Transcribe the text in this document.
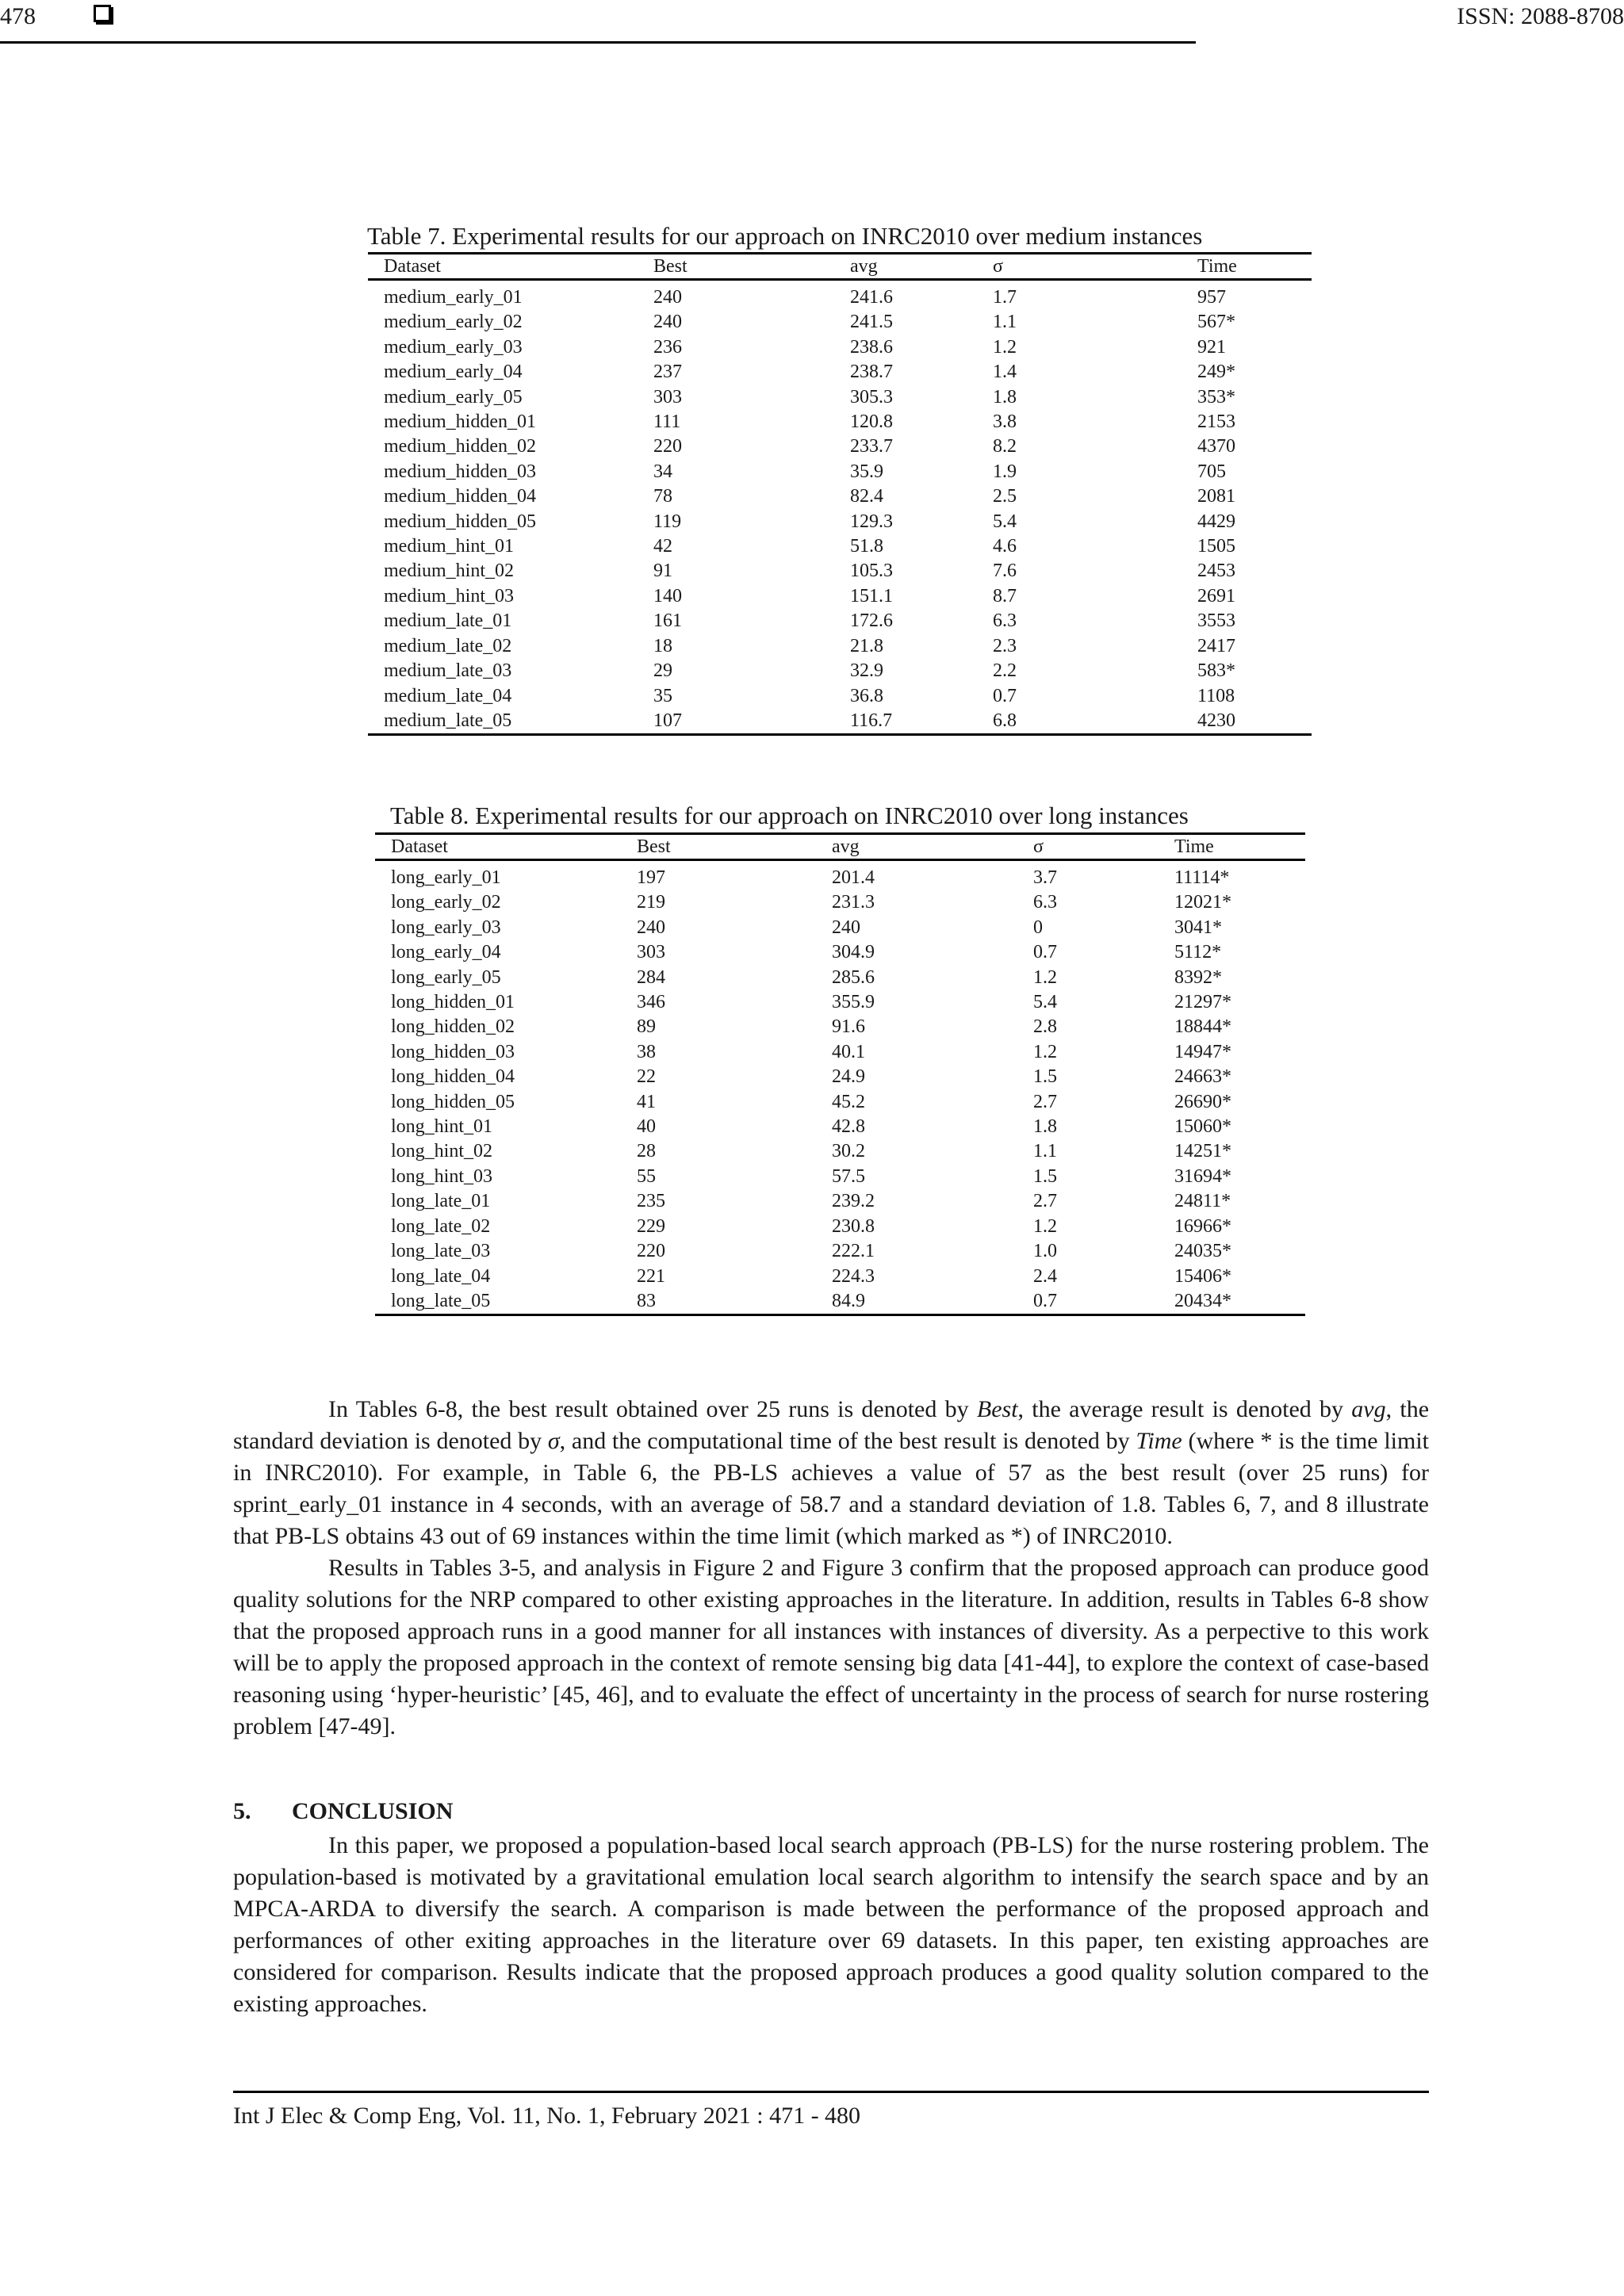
478	ISSN: 2088-8708
Table 7. Experimental results for our approach on INRC2010 over medium instances
Dataset	Best	avg	σ	Time
medium_early_01	240	241.6	1.7	957
medium_early_02	240	241.5	1.1	567*
medium_early_03	236	238.6	1.2	921
medium_early_04	237	238.7	1.4	249*
medium_early_05	303	305.3	1.8	353*
medium_hidden_01	111	120.8	3.8	2153
medium_hidden_02	220	233.7	8.2	4370
medium_hidden_03	34	35.9	1.9	705
medium_hidden_04	78	82.4	2.5	2081
medium_hidden_05	119	129.3	5.4	4429
medium_hint_01	42	51.8	4.6	1505
medium_hint_02	91	105.3	7.6	2453
medium_hint_03	140	151.1	8.7	2691
medium_late_01	161	172.6	6.3	3553
medium_late_02	18	21.8	2.3	2417
medium_late_03	29	32.9	2.2	583*
medium_late_04	35	36.8	0.7	1108
medium_late_05	107	116.7	6.8	4230
Table 8. Experimental results for our approach on INRC2010 over long instances
Dataset	Best	avg	σ	Time
long_early_01	197	201.4	3.7	11114*
long_early_02	219	231.3	6.3	12021*
long_early_03	240	240	0	3041*
long_early_04	303	304.9	0.7	5112*
long_early_05	284	285.6	1.2	8392*
long_hidden_01	346	355.9	5.4	21297*
long_hidden_02	89	91.6	2.8	18844*
long_hidden_03	38	40.1	1.2	14947*
long_hidden_04	22	24.9	1.5	24663*
long_hidden_05	41	45.2	2.7	26690*
long_hint_01	40	42.8	1.8	15060*
long_hint_02	28	30.2	1.1	14251*
long_hint_03	55	57.5	1.5	31694*
long_late_01	235	239.2	2.7	24811*
long_late_02	229	230.8	1.2	16966*
long_late_03	220	222.1	1.0	24035*
long_late_04	221	224.3	2.4	15406*
long_late_05	83	84.9	0.7	20434*

In Tables 6-8, the best result obtained over 25 runs is denoted by Best, the average result is denoted by avg, the standard deviation is denoted by σ, and the computational time of the best result is denoted by Time (where * is the time limit in INRC2010). For example, in Table 6, the PB-LS achieves a value of 57 as the best result (over 25 runs) for sprint_early_01 instance in 4 seconds, with an average of 58.7 and a standard deviation of 1.8. Tables 6, 7, and 8 illustrate that PB-LS obtains 43 out of 69 instances within the time limit (which marked as *) of INRC2010.

Results in Tables 3-5, and analysis in Figure 2 and Figure 3 confirm that the proposed approach can produce good quality solutions for the NRP compared to other existing approaches in the literature. In addition, results in Tables 6-8 show that the proposed approach runs in a good manner for all instances with instances of diversity. As a perpective to this work will be to apply the proposed approach in the context of remote sensing big data [41-44], to explore the context of case-based reasoning using ‘hyper-heuristic’ [45, 46], and to evaluate the effect of uncertainty in the process of search for nurse rostering problem [47-49].

5. CONCLUSION

In this paper, we proposed a population-based local search approach (PB-LS) for the nurse rostering problem. The population-based is motivated by a gravitational emulation local search algorithm to intensify the search space and by an MPCA-ARDA to diversify the search. A comparison is made between the performance of the proposed approach and performances of other exiting approaches in the literature over 69 datasets. In this paper, ten existing approaches are considered for comparison. Results indicate that the proposed approach produces a good quality solution compared to the existing approaches.

Int J Elec & Comp Eng, Vol. 11, No. 1, February 2021 : 471 - 480
